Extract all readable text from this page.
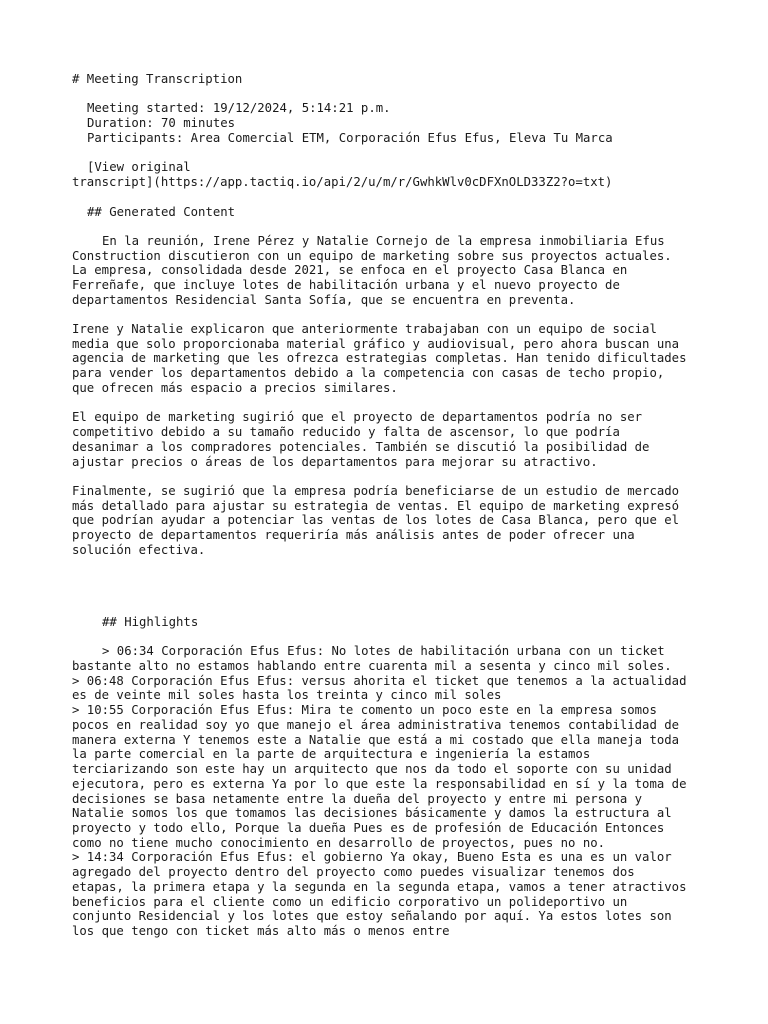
# Meeting Transcription

Meeting started: 19/12/2024, 5:14:21 p.m.

Duration: 70 minutes

Participants: Area Comercial ETM, Corporación Efus Efus, Eleva Tu Marca

[View original

transcript](https://app.tactiq.io/api/2/u/m/r/GwhkWlv0cDFXnOLD33Z2?o=txt)

## Generated Content

En la reunión, Irene Pérez y Natalie Cornejo de la empresa inmobiliaria Efus

Construction discutieron con un equipo de marketing sobre sus proyectos actuales.

La empresa, consolidada desde 2021, se enfoca en el proyecto Casa Blanca en

Ferreñafe, que incluye lotes de habilitación urbana y el nuevo proyecto de

departamentos Residencial Santa Sofía, que se encuentra en preventa.

Irene y Natalie explicaron que anteriormente trabajaban con un equipo de social

media que solo proporcionaba material gráfico y audiovisual, pero ahora buscan una

agencia de marketing que les ofrezca estrategias completas. Han tenido dificultades

para vender los departamentos debido a la competencia con casas de techo propio,

que ofrecen más espacio a precios similares.

El equipo de marketing sugirió que el proyecto de departamentos podría no ser

competitivo debido a su tamaño reducido y falta de ascensor, lo que podría

desanimar a los compradores potenciales. También se discutió la posibilidad de

ajustar precios o áreas de los departamentos para mejorar su atractivo.

Finalmente, se sugirió que la empresa podría beneficiarse de un estudio de mercado

más detallado para ajustar su estrategia de ventas. El equipo de marketing expresó

que podrían ayudar a potenciar las ventas de los lotes de Casa Blanca, pero que el

proyecto de departamentos requeriría más análisis antes de poder ofrecer una

solución efectiva.

## Highlights

> 06:34 Corporación Efus Efus: No lotes de habilitación urbana con un ticket

bastante alto no estamos hablando entre cuarenta mil a sesenta y cinco mil soles.

> 06:48 Corporación Efus Efus: versus ahorita el ticket que tenemos a la actualidad

es de veinte mil soles hasta los treinta y cinco mil soles

> 10:55 Corporación Efus Efus: Mira te comento un poco este en la empresa somos

pocos en realidad soy yo que manejo el área administrativa tenemos contabilidad de

manera externa Y tenemos este a Natalie que está a mi costado que ella maneja toda

la parte comercial en la parte de arquitectura e ingeniería la estamos

terciarizando son este hay un arquitecto que nos da todo el soporte con su unidad

ejecutora, pero es externa Ya por lo que este la responsabilidad en sí y la toma de

decisiones se basa netamente entre la dueña del proyecto y entre mi persona y

Natalie somos los que tomamos las decisiones básicamente y damos la estructura al

proyecto y todo ello, Porque la dueña Pues es de profesión de Educación Entonces

como no tiene mucho conocimiento en desarrollo de proyectos, pues no no.

> 14:34 Corporación Efus Efus: el gobierno Ya okay, Bueno Esta es una es un valor

agregado del proyecto dentro del proyecto como puedes visualizar tenemos dos

etapas, la primera etapa y la segunda en la segunda etapa, vamos a tener atractivos

beneficios para el cliente como un edificio corporativo un polideportivo un

conjunto Residencial y los lotes que estoy señalando por aquí. Ya estos lotes son

los que tengo con ticket más alto más o menos entre
